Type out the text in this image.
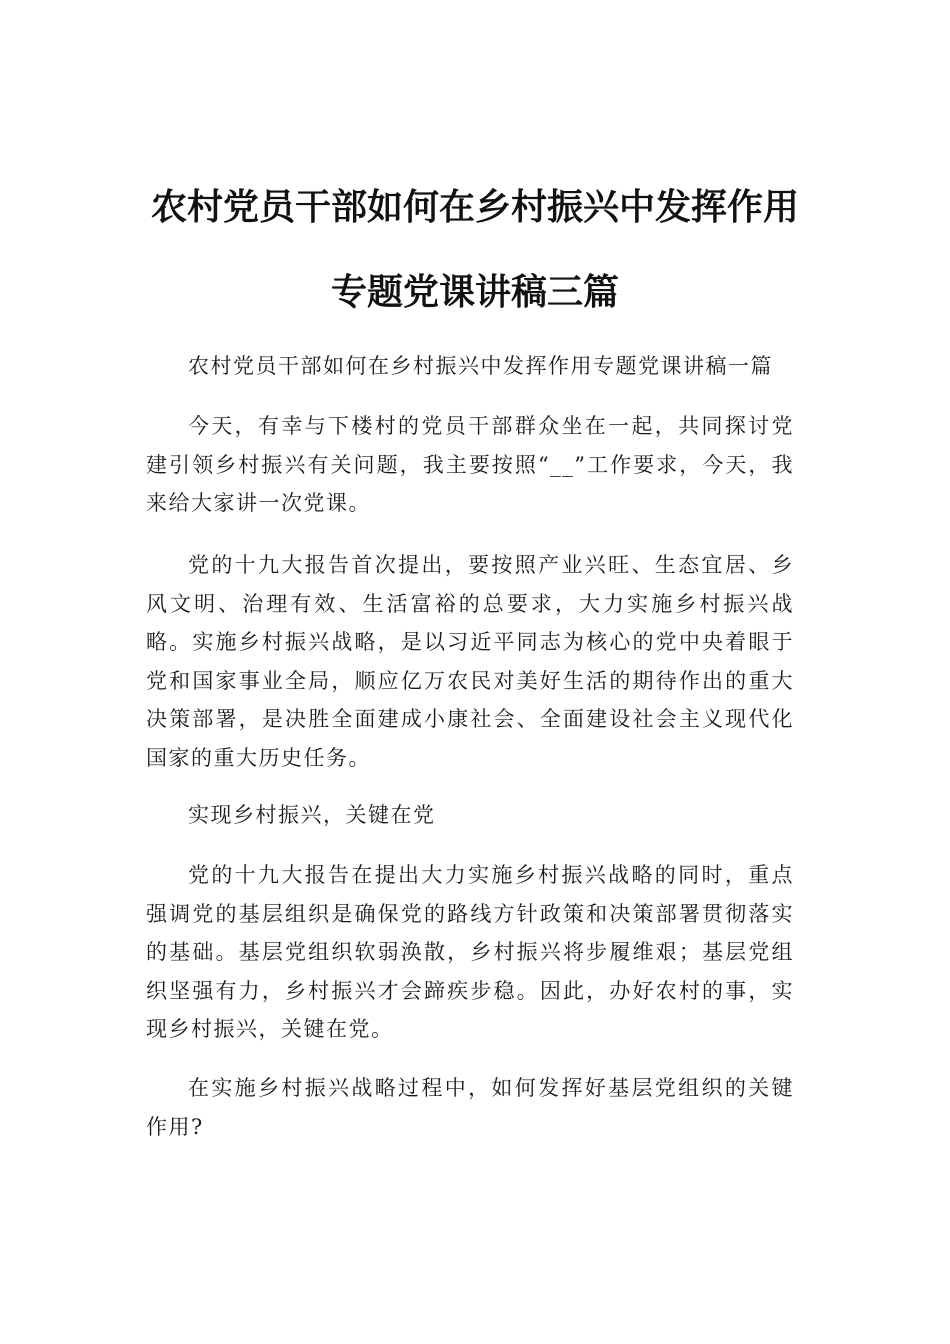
农村党员干部如何在乡村振兴中发挥作用
专题党课讲稿三篇

农村党员干部如何在乡村振兴中发挥作用专题党课讲稿一篇

今天，有幸与下楼村的党员干部群众坐在一起，共同探讨党建引领乡村振兴有关问题，我主要按照“__”工作要求，今天，我来给大家讲一次党课。

党的十九大报告首次提出，要按照产业兴旺、生态宜居、乡风文明、治理有效、生活富裕的总要求，大力实施乡村振兴战略。实施乡村振兴战略，是以习近平同志为核心的党中央着眼于党和国家事业全局，顺应亿万农民对美好生活的期待作出的重大决策部署，是决胜全面建成小康社会、全面建设社会主义现代化国家的重大历史任务。

实现乡村振兴，关键在党

党的十九大报告在提出大力实施乡村振兴战略的同时，重点强调党的基层组织是确保党的路线方针政策和决策部署贯彻落实的基础。基层党组织软弱涣散，乡村振兴将步履维艰；基层党组织坚强有力，乡村振兴才会蹄疾步稳。因此，办好农村的事，实现乡村振兴，关键在党。

在实施乡村振兴战略过程中，如何发挥好基层党组织的关键作用?
